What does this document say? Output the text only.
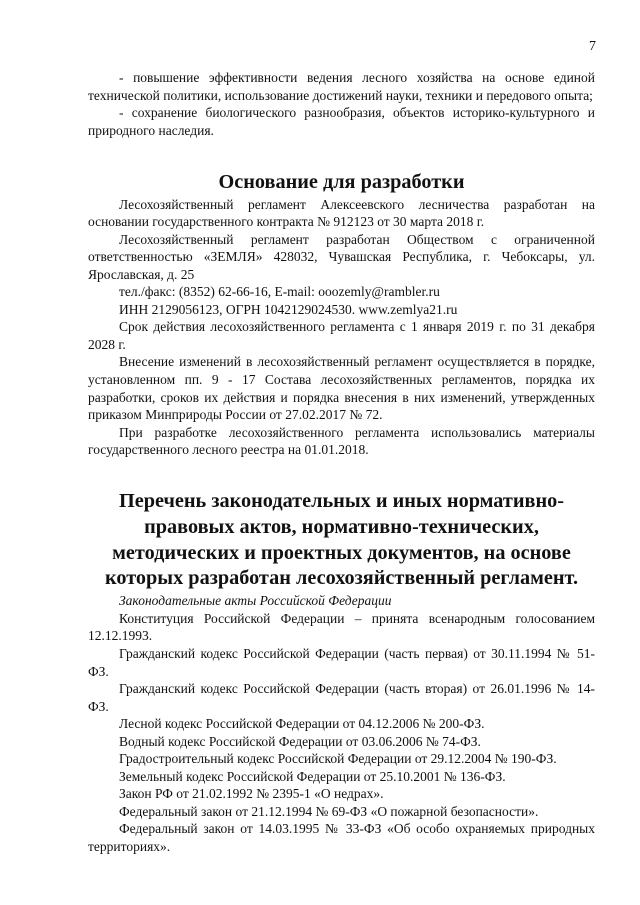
7

- повышение эффективности ведения лесного хозяйства на основе единой технической политики, использование достижений науки, техники и передового опыта;

- сохранение биологического разнообразия, объектов историко-культурного и природного наследия.

Основание для разработки

Лесохозяйственный регламент Алексеевского лесничества разработан на основании государственного контракта № 912123 от 30 марта 2018 г.

Лесохозяйственный регламент разработан Обществом с ограниченной ответственностью «ЗЕМЛЯ» 428032, Чувашская Республика, г. Чебоксары, ул. Ярославская, д. 25

тел./факс: (8352) 62-66-16, E-mail: ooozemly@rambler.ru

ИНН 2129056123, ОГРН 1042129024530. www.zemlya21.ru

Срок действия лесохозяйственного регламента с 1 января 2019 г. по 31 декабря 2028 г.

Внесение изменений в лесохозяйственный регламент осуществляется в порядке, установленном пп. 9 - 17 Состава лесохозяйственных регламентов, порядка их разработки, сроков их действия и порядка внесения в них изменений, утвержденных приказом Минприроды России от 27.02.2017 № 72.

При разработке лесохозяйственного регламента использовались материалы государственного лесного реестра на 01.01.2018.

Перечень законодательных и иных нормативно-правовых актов, нормативно-технических, методических и проектных документов, на основе которых разработан лесохозяйственный регламент.
Законодательные акты Российской Федерации

Конституция Российской Федерации – принята всенародным голосованием 12.12.1993.

Гражданский кодекс Российской Федерации (часть первая) от 30.11.1994 № 51-ФЗ.

Гражданский кодекс Российской Федерации (часть вторая) от 26.01.1996 № 14-ФЗ.

Лесной кодекс Российской Федерации от 04.12.2006 № 200-ФЗ.

Водный кодекс Российской Федерации от 03.06.2006 № 74-ФЗ.

Градостроительный кодекс Российской Федерации от 29.12.2004 № 190-ФЗ.

Земельный кодекс Российской Федерации от 25.10.2001 № 136-ФЗ.

Закон РФ от 21.02.1992 № 2395-1 «О недрах».

Федеральный закон от 21.12.1994 № 69-ФЗ «О пожарной безопасности».

Федеральный закон от 14.03.1995 № 33-ФЗ «Об особо охраняемых природных территориях».
